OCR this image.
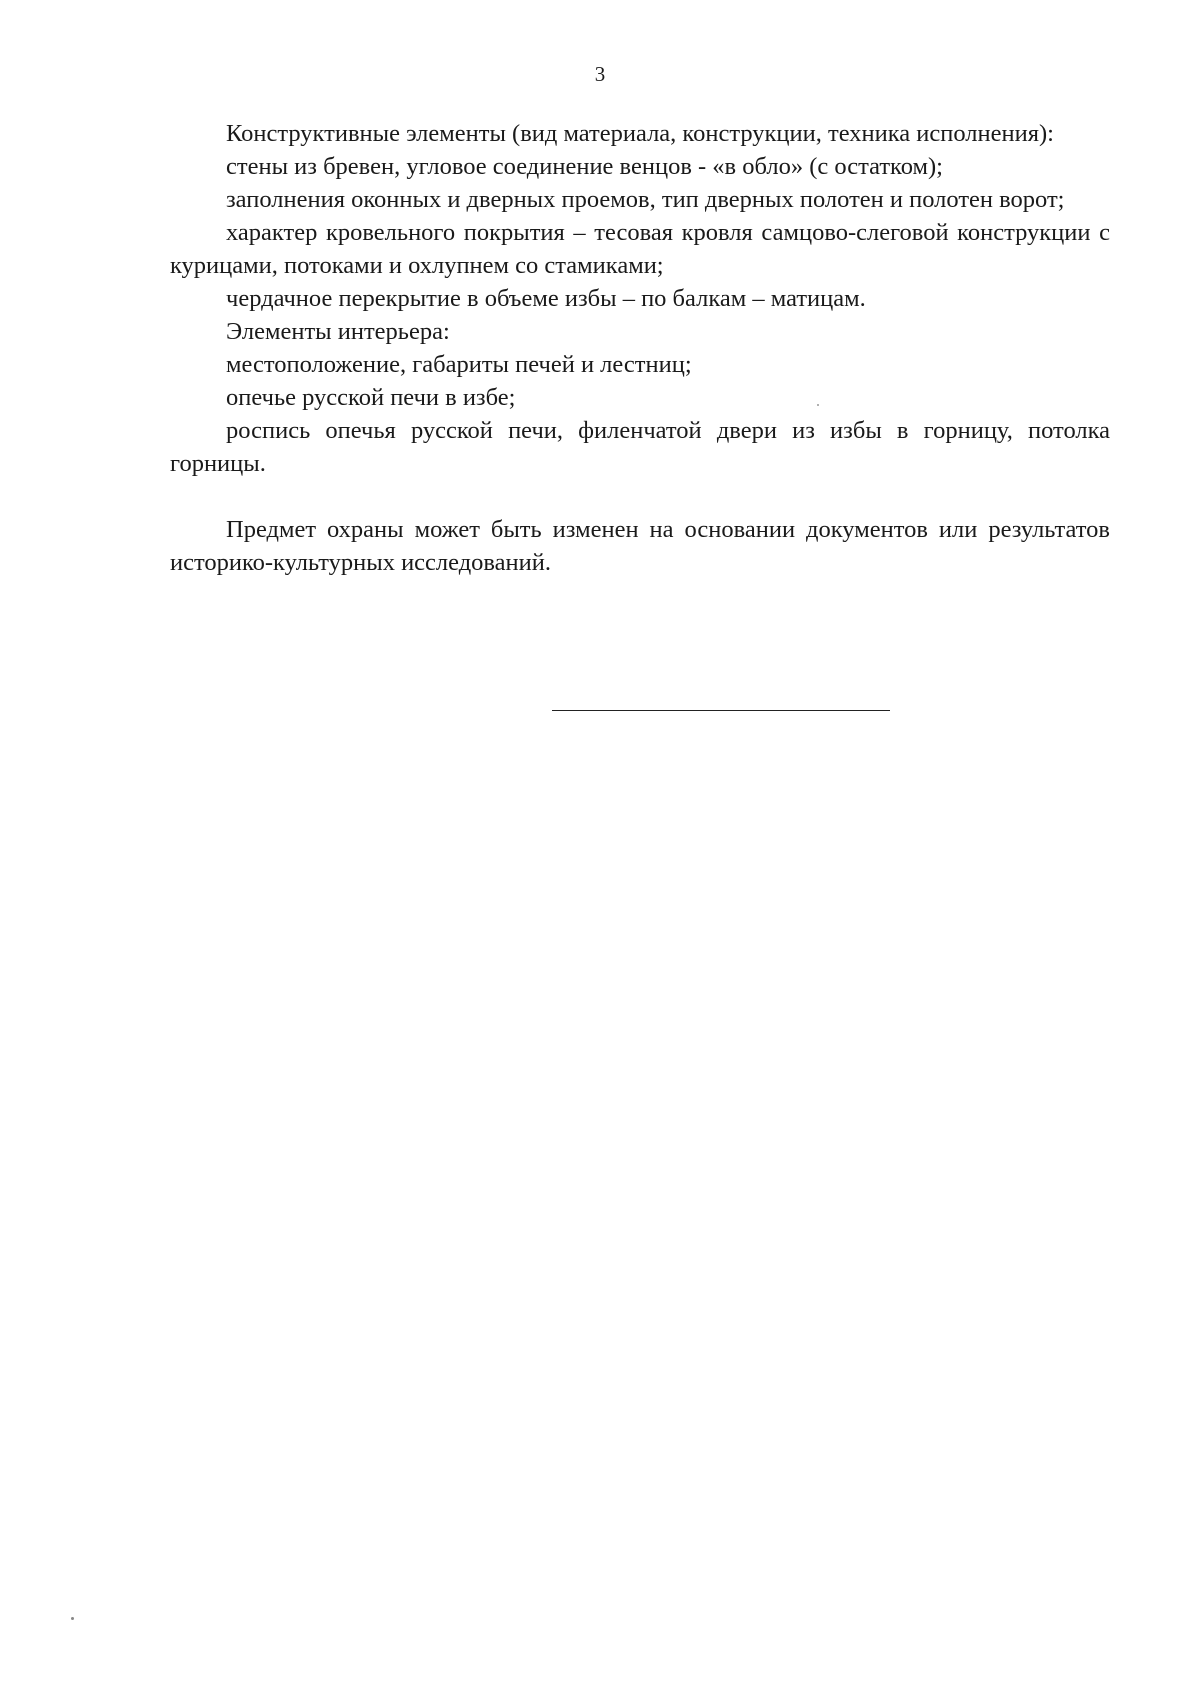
3

Конструктивные элементы (вид материала, конструкции, техника исполнения):

стены из бревен, угловое соединение венцов - «в обло» (с остатком);

заполнения оконных и дверных проемов, тип дверных полотен и полотен ворот;

характер кровельного покрытия – тесовая кровля самцово-слеговой конструкции с курицами, потоками и охлупнем со стамиками;

чердачное перекрытие в объеме избы – по балкам – матицам.

Элементы интерьера:

местоположение, габариты печей и лестниц;

опечье русской печи в избе;

роспись опечья русской печи, филенчатой двери из избы в горницу, потолка горницы.

Предмет охраны может быть изменен на основании документов или результатов историко-культурных исследований.
